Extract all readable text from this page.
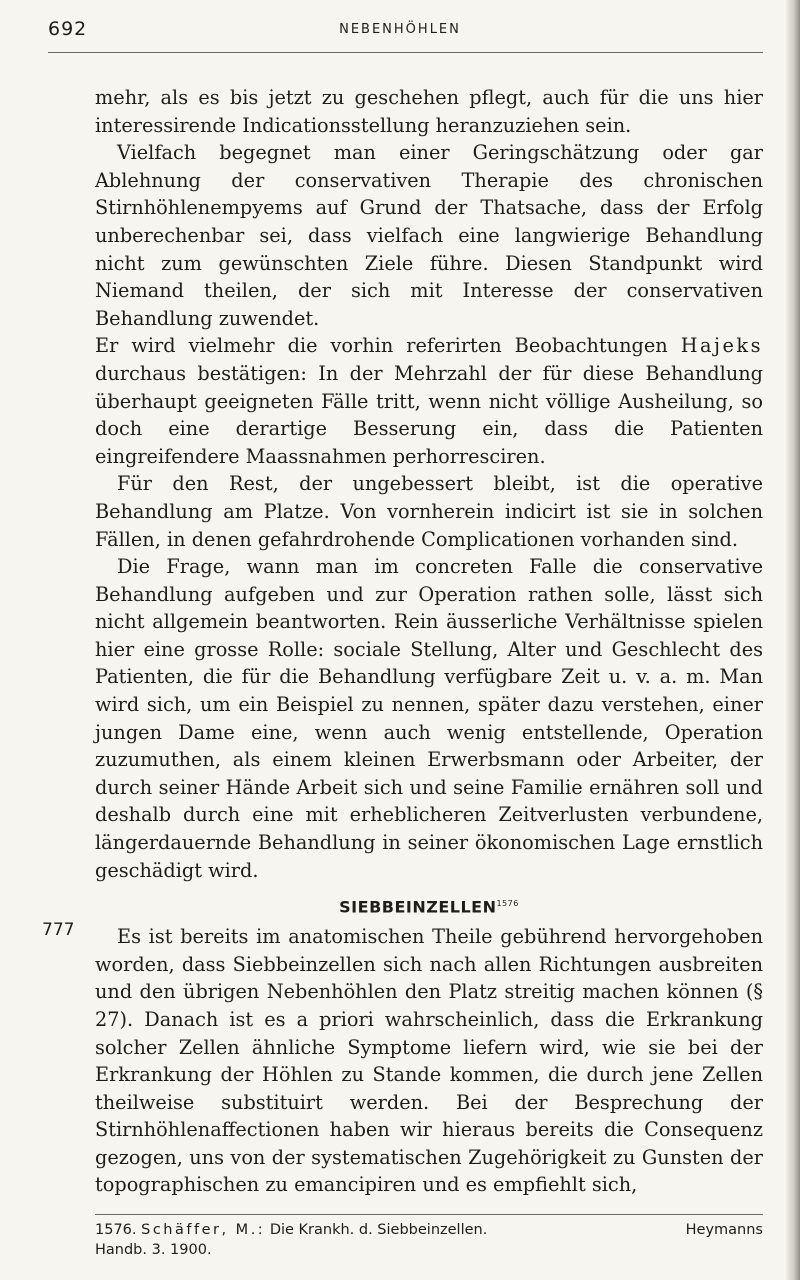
692	NEBENHÖHLEN

mehr, als es bis jetzt zu geschehen pflegt, auch für die uns hier interessirende Indicationsstellung heranzuziehen sein.

Vielfach begegnet man einer Geringschätzung oder gar Ablehnung der conservativen Therapie des chronischen Stirnhöhlenempyems auf Grund der Thatsache, dass der Erfolg unberechenbar sei, dass vielfach eine langwierige Behandlung nicht zum gewünschten Ziele führe. Diesen Standpunkt wird Niemand theilen, der sich mit Interesse der conservativen Behandlung zuwendet.

Er wird vielmehr die vorhin referirten Beobachtungen Hajeks durchaus bestätigen: In der Mehrzahl der für diese Behandlung überhaupt geeigneten Fälle tritt, wenn nicht völlige Ausheilung, so doch eine derartige Besserung ein, dass die Patienten eingreifendere Maassnahmen perhorresciren.

Für den Rest, der ungebessert bleibt, ist die operative Behandlung am Platze. Von vornherein indicirt ist sie in solchen Fällen, in denen gefahrdrohende Complicationen vorhanden sind.

Die Frage, wann man im concreten Falle die conservative Behandlung aufgeben und zur Operation rathen solle, lässt sich nicht allgemein beantworten. Rein äusserliche Verhältnisse spielen hier eine grosse Rolle: sociale Stellung, Alter und Geschlecht des Patienten, die für die Behandlung verfügbare Zeit u. v. a. m. Man wird sich, um ein Beispiel zu nennen, später dazu verstehen, einer jungen Dame eine, wenn auch wenig entstellende, Operation zuzumuthen, als einem kleinen Erwerbsmann oder Arbeiter, der durch seiner Hände Arbeit sich und seine Familie ernähren soll und deshalb durch eine mit erheblicheren Zeitverlusten verbundene, längerdauernde Behandlung in seiner ökonomischen Lage ernstlich geschädigt wird.

$SIEBBEINZELLEN^{1576}$

Es ist bereits im anatomischen Theile gebührend hervorgehoben worden, dass Siebbeinzellen sich nach allen Richtungen ausbreiten und den übrigen Nebenhöhlen den Platz streitig machen können (§ 27). Danach ist es a priori wahrscheinlich, dass die Erkrankung solcher Zellen ähnliche Symptome liefern wird, wie sie bei der Erkrankung der Höhlen zu Stande kommen, die durch jene Zellen theilweise substituirt werden. Bei der Besprechung der Stirnhöhlenaffectionen haben wir hieraus bereits die Consequenz gezogen, uns von der systematischen Zugehörigkeit zu Gunsten der topographischen zu emancipiren und es empfiehlt sich,

777
1576. Schäffer, M.: Die Krankh. d. Siebbeinzellen.	Heymanns
Handb. 3. 1900.
